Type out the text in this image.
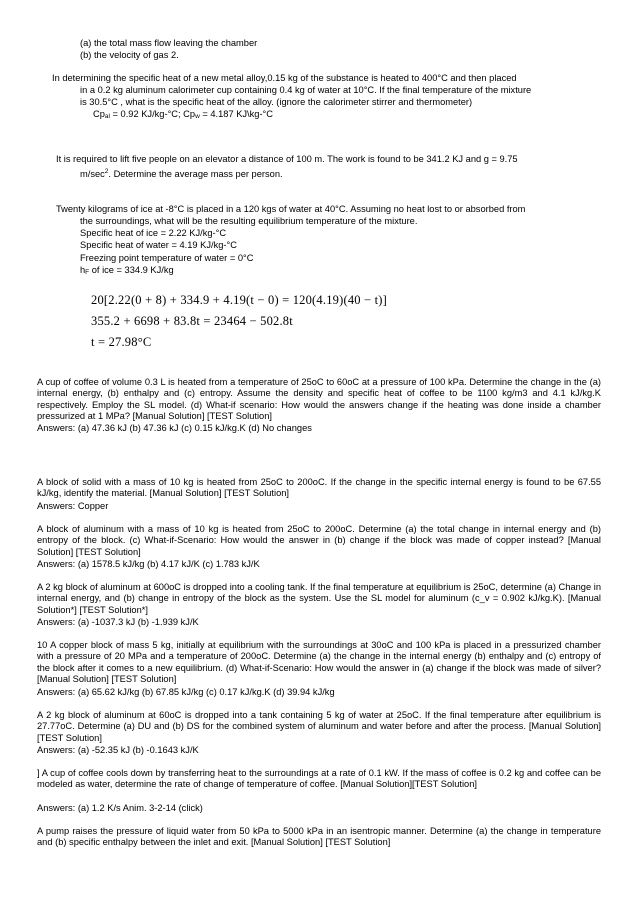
(a) the total mass flow leaving the chamber
(b) the velocity of gas 2.
In determining the specific heat of a new metal alloy,0.15 kg of the substance is heated to 400°C and then placed
in a 0.2 kg aluminum calorimeter cup containing 0.4 kg of water at 10°C. If the final temperature of the mixture
is 30.5°C , what is the specific heat of the alloy. (ignore the calorimeter stirrer and thermometer)
Cpal = 0.92 KJ/kg-°C; Cpw = 4.187 KJ\kg-°C
It is required to lift five people on an elevator a distance of 100 m. The work is found to be 341.2 KJ and g = 9.75
$m/\sec^2$. Determine the average mass per person.
Twenty kilograms of ice at -8°C is placed in a 120 kgs of water at 40°C. Assuming no heat lost to or absorbed from
the surroundings, what will be the resulting equilibrium temperature of the mixture.
Specific heat of ice = 2.22 KJ/kg-°C
Specific heat of water = 4.19 KJ/kg-°C
Freezing point temperature of water = 0°C
hF of ice = 334.9 KJ/kg
20[2.22(0 + 8) + 334.9 + 4.19(t − 0) = 120(4.19)(40 − t)]
355.2 + 6698 + 83.8t = 23464 − 502.8t
t = 27.98°C
A cup of coffee of volume 0.3 L is heated from a temperature of 25oC to 60oC at a pressure of 100 kPa. Determine the change in the (a) internal energy, (b) enthalpy and (c) entropy. Assume the density and specific heat of coffee to be 1100 kg/m3 and 4.1 kJ/kg.K respectively. Employ the SL model. (d) What-if scenario: How would the answers change if the heating was done inside a chamber pressurized at 1 MPa? [Manual Solution] [TEST Solution]
Answers: (a) 47.36 kJ (b) 47.36 kJ (c) 0.15 kJ/kg.K (d) No changes
A block of solid with a mass of 10 kg is heated from 25oC to 200oC. If the change in the specific internal energy is found to be 67.55 kJ/kg, identify the material. [Manual Solution] [TEST Solution]
Answers: Copper
A block of aluminum with a mass of 10 kg is heated from 25oC to 200oC. Determine (a) the total change in internal energy and (b) entropy of the block. (c) What-if-Scenario: How would the answer in (b) change if the block was made of copper instead? [Manual Solution] [TEST Solution]
Answers: (a) 1578.5 kJ/kg (b) 4.17 kJ/K (c) 1.783 kJ/K
A 2 kg block of aluminum at 600oC is dropped into a cooling tank. If the final temperature at equilibrium is 25oC, determine (a) Change in internal energy, and (b) change in entropy of the block as the system. Use the SL model for aluminum (c_v = 0.902 kJ/kg.K). [Manual Solution*] [TEST Solution*]
Answers: (a) -1037.3 kJ (b) -1.939 kJ/K
10 A copper block of mass 5 kg, initially at equilibrium with the surroundings at 30oC and 100 kPa is placed in a pressurized chamber with a pressure of 20 MPa and a temperature of 200oC. Determine (a) the change in the internal energy (b) enthalpy and (c) entropy of the block after it comes to a new equilibrium. (d) What-if-Scenario: How would the answer in (a) change if the block was made of silver? [Manual Solution] [TEST Solution]
Answers: (a) 65.62 kJ/kg (b) 67.85 kJ/kg (c) 0.17 kJ/kg.K (d) 39.94 kJ/kg
A 2 kg block of aluminum at 60oC is dropped into a tank containing 5 kg of water at 25oC. If the final temperature after equilibrium is 27.77oC. Determine (a) DU and (b) DS for the combined system of aluminum and water before and after the process. [Manual Solution] [TEST Solution]
Answers: (a) -52.35 kJ (b) -0.1643 kJ/K
] A cup of coffee cools down by transferring heat to the surroundings at a rate of 0.1 kW. If the mass of coffee is 0.2 kg and coffee can be modeled as water, determine the rate of change of temperature of coffee. [Manual Solution][TEST Solution]
Answers: (a) 1.2 K/s Anim. 3-2-14 (click)
A pump raises the pressure of liquid water from 50 kPa to 5000 kPa in an isentropic manner. Determine (a) the change in temperature and (b) specific enthalpy between the inlet and exit. [Manual Solution] [TEST Solution]
